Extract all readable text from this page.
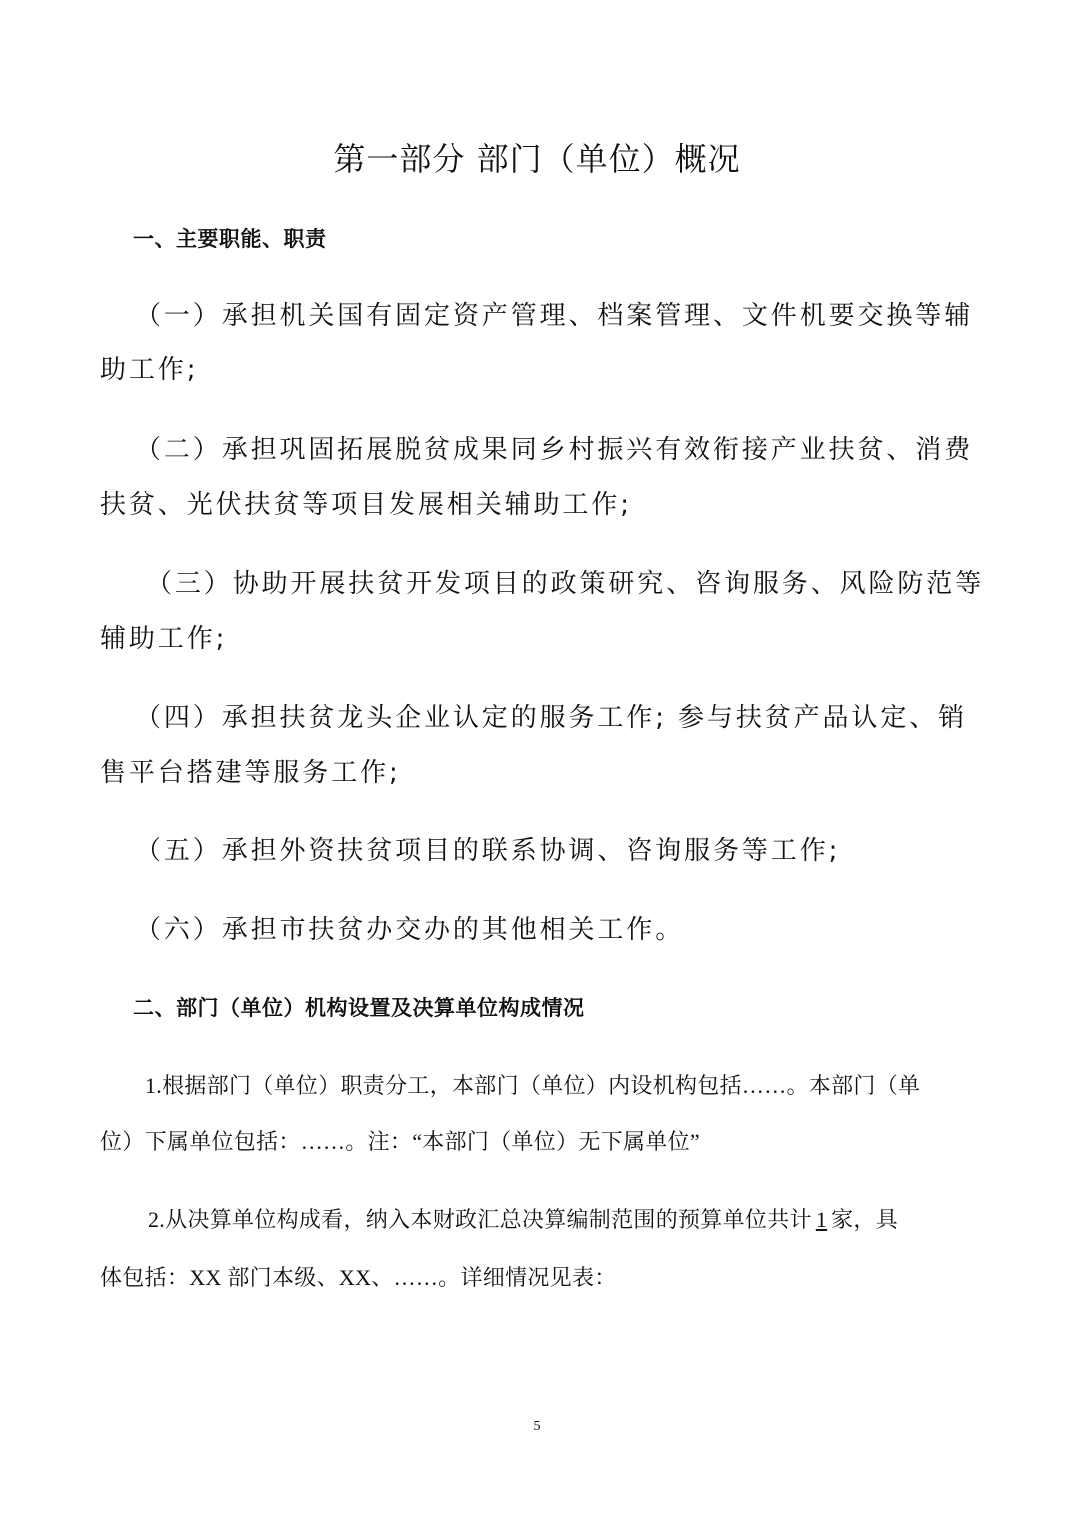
第一部分 部门（单位）概况
一、主要职能、职责
（一）承担机关国有固定资产管理、档案管理、文件机要交换等辅
助工作;
（二）承担巩固拓展脱贫成果同乡村振兴有效衔接产业扶贫、消费
扶贫、光伏扶贫等项目发展相关辅助工作;
（三）协助开展扶贫开发项目的政策研究、咨询服务、风险防范等
辅助工作;
（四）承担扶贫龙头企业认定的服务工作; 参与扶贫产品认定、销
售平台搭建等服务工作;
（五）承担外资扶贫项目的联系协调、咨询服务等工作;
（六）承担市扶贫办交办的其他相关工作。
二、部门（单位）机构设置及决算单位构成情况
1.根据部门（单位）职责分工，本部门（单位）内设机构包括……。本部门（单
位）下属单位包括：……。注：“本部门（单位）无下属单位”
2.从决算单位构成看，纳入本财政汇总决算编制范围的预算单位共计 1 家，具
体包括：XX 部门本级、XX、……。详细情况见表：
5
